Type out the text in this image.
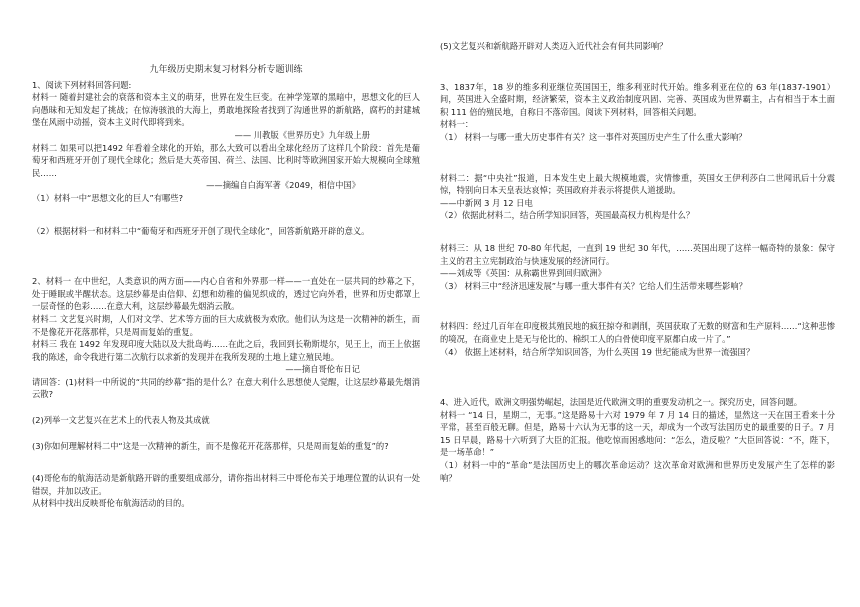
九年级历史期末复习材料分析专题训练

1、阅读下列材料回答问题:

材料一 随着封建社会的衰落和资本主义的萌芽，世界在发生巨变。在神学笼罩的黑暗中，思想文化的巨人向愚昧和无知发起了挑战；在惊涛骇浪的大海上，勇敢地探险者找到了沟通世界的新航路，腐朽的封建城堡在风雨中动摇，资本主义时代即将到来。

—— 川教版《世界历史》九年级上册

材料二 如果可以把1492 年看着全球化的开始，那么大致可以看出全球化经历了这样几个阶段：首先是葡萄牙和西班牙开创了现代全球化；然后是大英帝国、荷兰、法国、比利时等欧洲国家开始大规模向全球殖民……

——摘编自白海军著《2049，相信中国》

（1）材料一中“思想文化的巨人”有哪些?

（2）根据材料一和材料二中“葡萄牙和西班牙开创了现代全球化”，回答新航路开辟的意义。

2、材料一 在中世纪，人类意识的两方面——内心自省和外界那一样——一直处在一层共同的纱幕之下，处于睡眠或半醒状态。这层纱幕是由信仰、幻想和幼稚的偏见织成的，透过它向外看，世界和历史都罩上一层奇怪的色彩……在意大利，这层纱幕最先烟消云散。

材料二 文艺复兴时期，人们对文学、艺术等方面的巨大成就极为欢欣。他们认为这是一次精神的新生，而不是像花开花落那样，只是周而复始的重复。

材料三 我在 1492 年发现印度大陆以及大批岛屿……在此之后，我回到长勒斯堤尔，见王上，而王上依据我的陈述，命令我进行第二次航行以求新的发现并在我所发现的土地上建立殖民地。

——摘自哥伦布日记

请回答：(1)材料一中所说的“共同的纱幕”指的是什么？在意大利什么思想使人觉醒，让这层纱幕最先烟消云散?

(2)列举一文艺复兴在艺术上的代表人物及其成就

(3)你如何理解材料二中“这是一次精神的新生，而不是像花开花落那样，只是周而复始的重复”的?

(4)哥伦布的航海活动是新航路开辟的重要组成部分，请你指出材料三中哥伦布关于地理位置的认识有一处错误，并加以改正。

从材料中找出反映哥伦布航海活动的目的。

(5)文艺复兴和新航路开辟对人类迈入近代社会有何共同影响？

3、1837年，18 岁的维多利亚继位英国国王，维多利亚时代开始。维多利亚在位的 63 年(1837-1901）间，英国进入全盛时期，经济繁荣，资本主义政治制度巩固、完善、英国成为世界霸主，占有相当于本土面积 111 倍的殖民地，自称日不落帝国。阅读下列材料，回答相关问题。

材料一：

（1） 材料一与哪一重大历史事件有关？这一事件对英国历史产生了什么重大影响？

材料二：据“中央社”报道，日本发生史上最大规模地震，灾情惨重，英国女王伊利莎白二世闻讯后十分震惊，特别向日本天皇表达哀悼；英国政府并表示将提供人道援助。

——中新网 3 月 12 日电

（2）依据此材料二，结合所学知识回答，英国最高权力机构是什么？

材料三：从 18 世纪 70-80 年代起，一直到 19 世纪 30 年代，……英国出现了这样一幅奇特的景象：保守主义的君主立宪制政治与快速发展的经济同行。

——刘成等《英国：从称霸世界到回归欧洲》

（3） 材料三中“经济迅速发展”与哪一重大事件有关？它给人们生活带来哪些影响？

材料四：经过几百年在印度极其殖民地的疯狂掠夺和剥削，英国获取了无数的财富和生产原料……“这种悲惨的境况，在商业史上是无与伦比的、棉织工人的白骨使印度平原都白成一片了。”

（4） 依据上述材料，结合所学知识回答，为什么英国 19 世纪能成为世界一流强国？

4、进入近代，欧洲文明强势崛起，法国是近代欧洲文明的重要发动机之一。探究历史，回答问题。

材料一 “14 日，星期二，无事。”这是路易十六对 1979 年 7 月 14 日的描述，显然这一天在国王看来十分平常，甚至百般无聊。但是，路易十六认为无事的这一天，却成为一个改写法国历史的最重要的日子。7 月 15 日早晨，路易十六听到了大臣的汇报。他吃惊而困惑地问：“怎么，造反啦？”大臣回答说：“不，陛下，是一场革命！”

（1）材料一中的“革命”是法国历史上的哪次革命运动？这次革命对欧洲和世界历史发展产生了怎样的影响？
